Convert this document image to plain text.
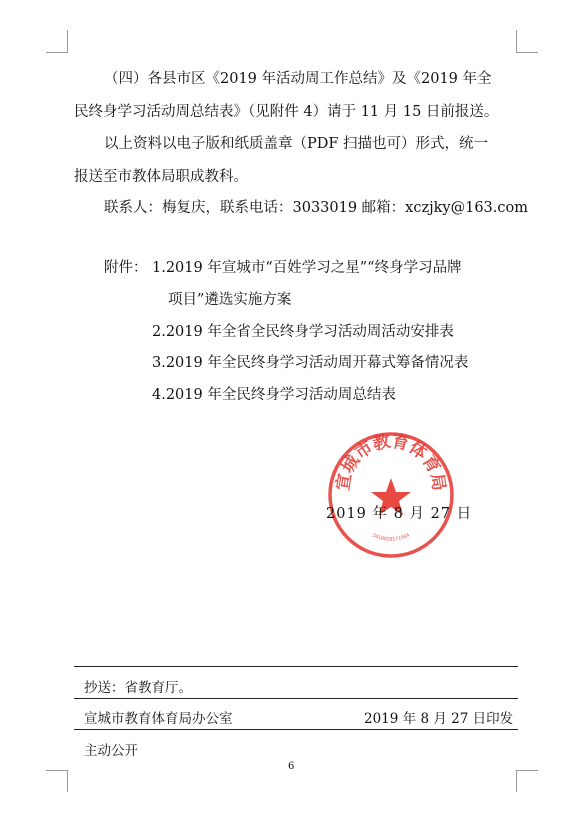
（四）各县市区《2019 年活动周工作总结》及《2019 年全
民终身学习活动周总结表》（见附件 4）请于 11 月 15 日前报送。
以上资料以电子版和纸质盖章（PDF 扫描也可）形式，统一
报送至市教体局职成教科。
联系人：梅复庆，联系电话：3033019 邮箱：xczjky@163.com
附件： 1.2019 年宣城市“百姓学习之星”“终身学习品牌
项目”遴选实施方案
2.2019 年全省全民终身学习活动周活动安排表
3.2019 年全民终身学习活动周开幕式筹备情况表
4.2019 年全民终身学习活动周总结表
宣城市教育体育局
3418020171904
2019 年 8 月 27 日
抄送：省教育厅。
宣城市教育体育局办公室	2019 年 8 月 27 日印发
主动公开
6
